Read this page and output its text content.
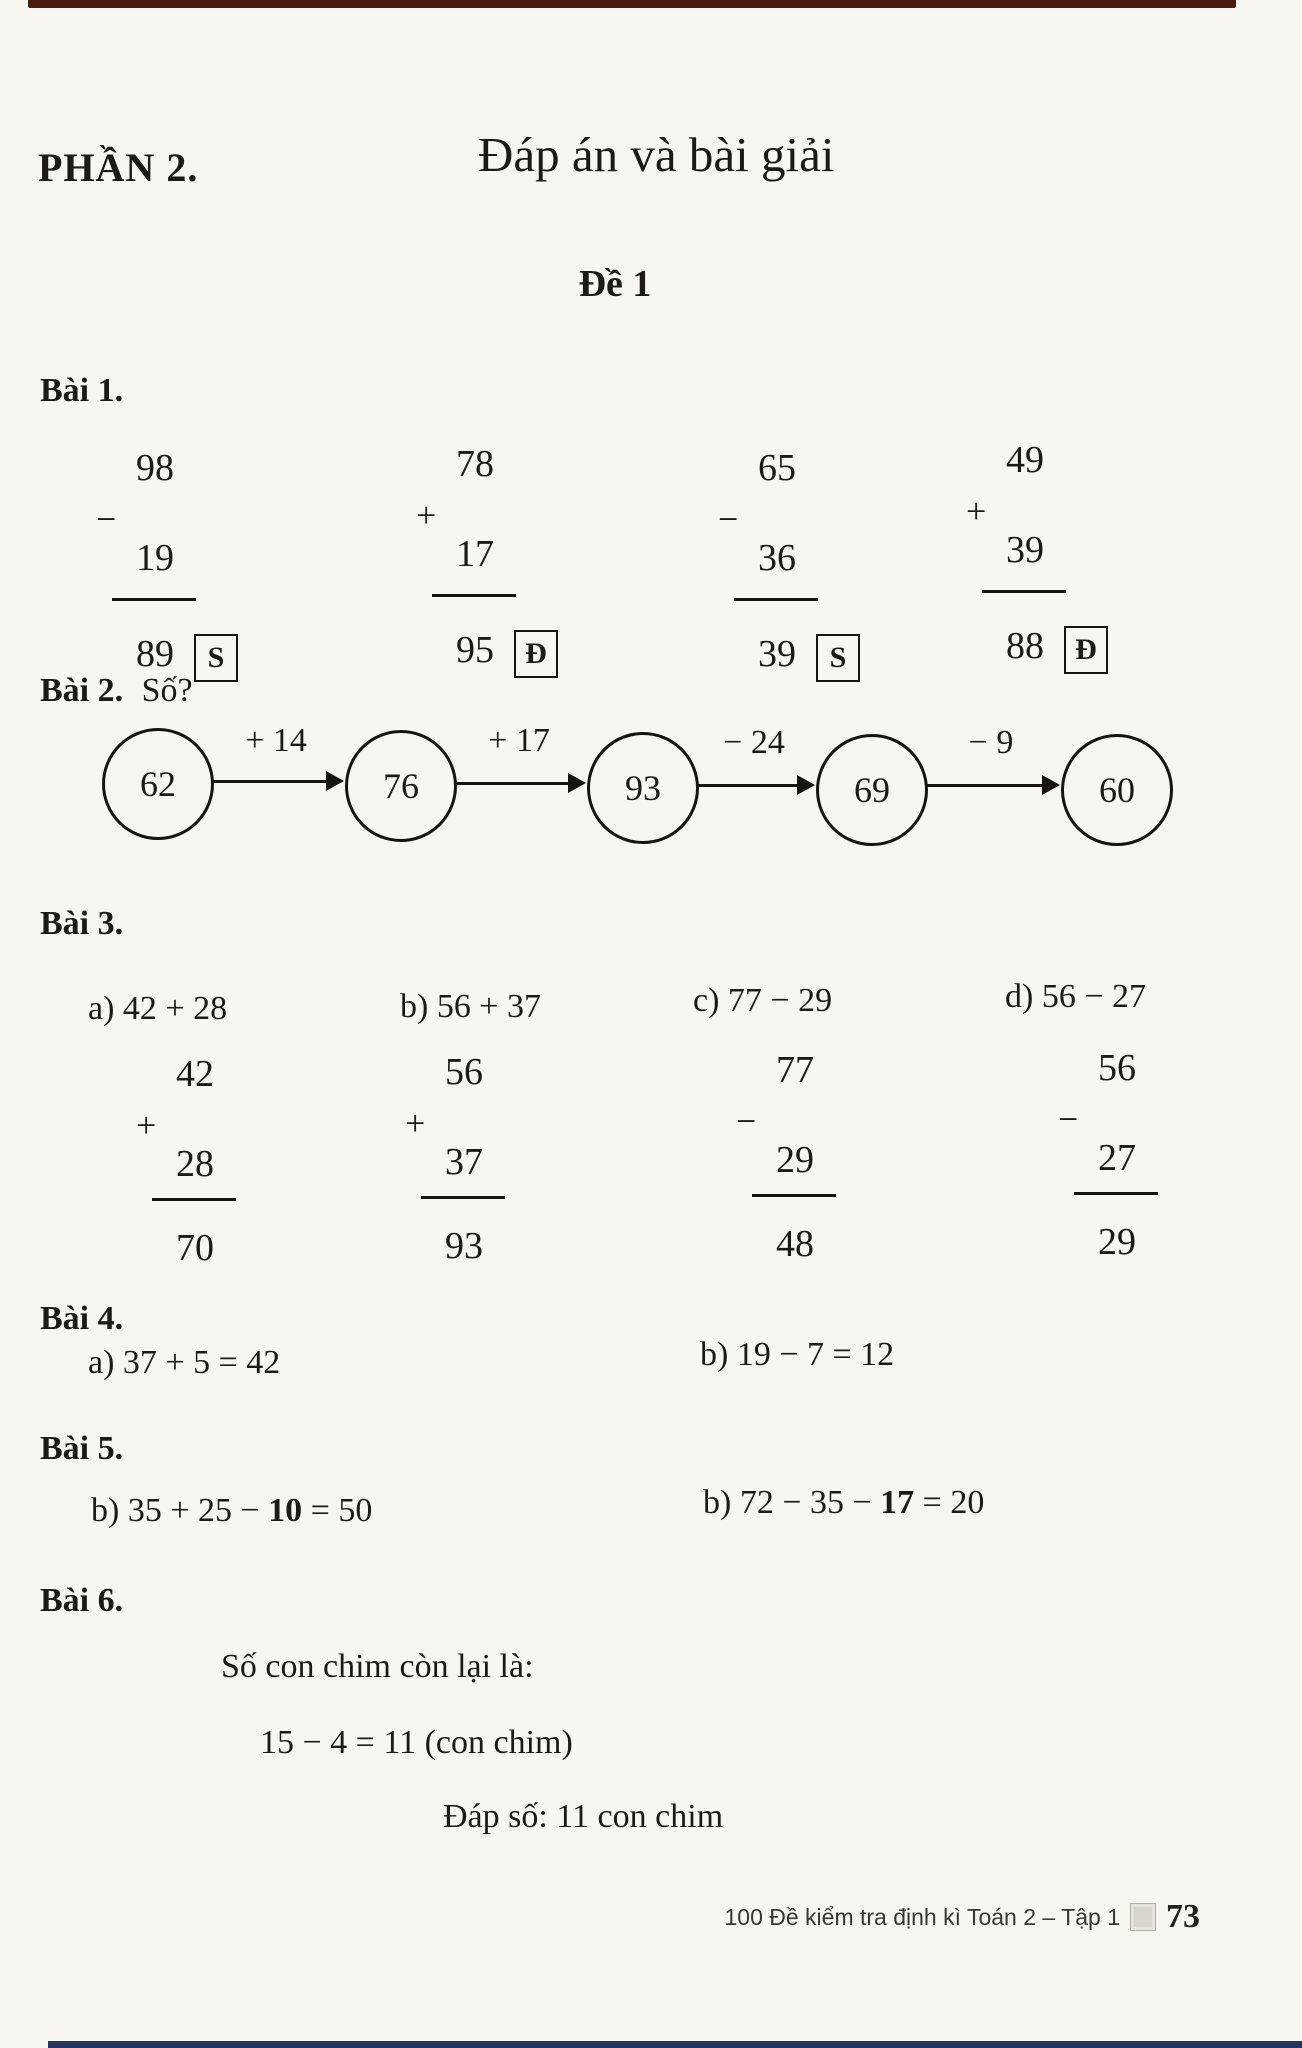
PHẦN 2.	Đáp án và bài giải
Đề 1
Bài 1.
−
98
19
89	S
+
78
17
95	Đ
−
65
36
39	S
+
49
39
88	Đ
Bài 2. Số?
62	76	93	69	60
+ 14	+ 17	− 24	− 9
Bài 3.
a) 42 + 28	b) 56 + 37	c) 77 − 29	d) 56 − 27
+
42
28
70
+
56
37
93
−
77
29
48
−
56
27
29
Bài 4.
a) 37 + 5 = 42	b) 19 − 7 = 12
Bài 5.
b) 35 + 25 − 10 = 50	b) 72 − 35 − 17 = 20
Bài 6.
Số con chim còn lại là:
15 − 4 = 11 (con chim)
Đáp số: 11 con chim
100 Đề kiểm tra định kì Toán 2 – Tập 1 73
